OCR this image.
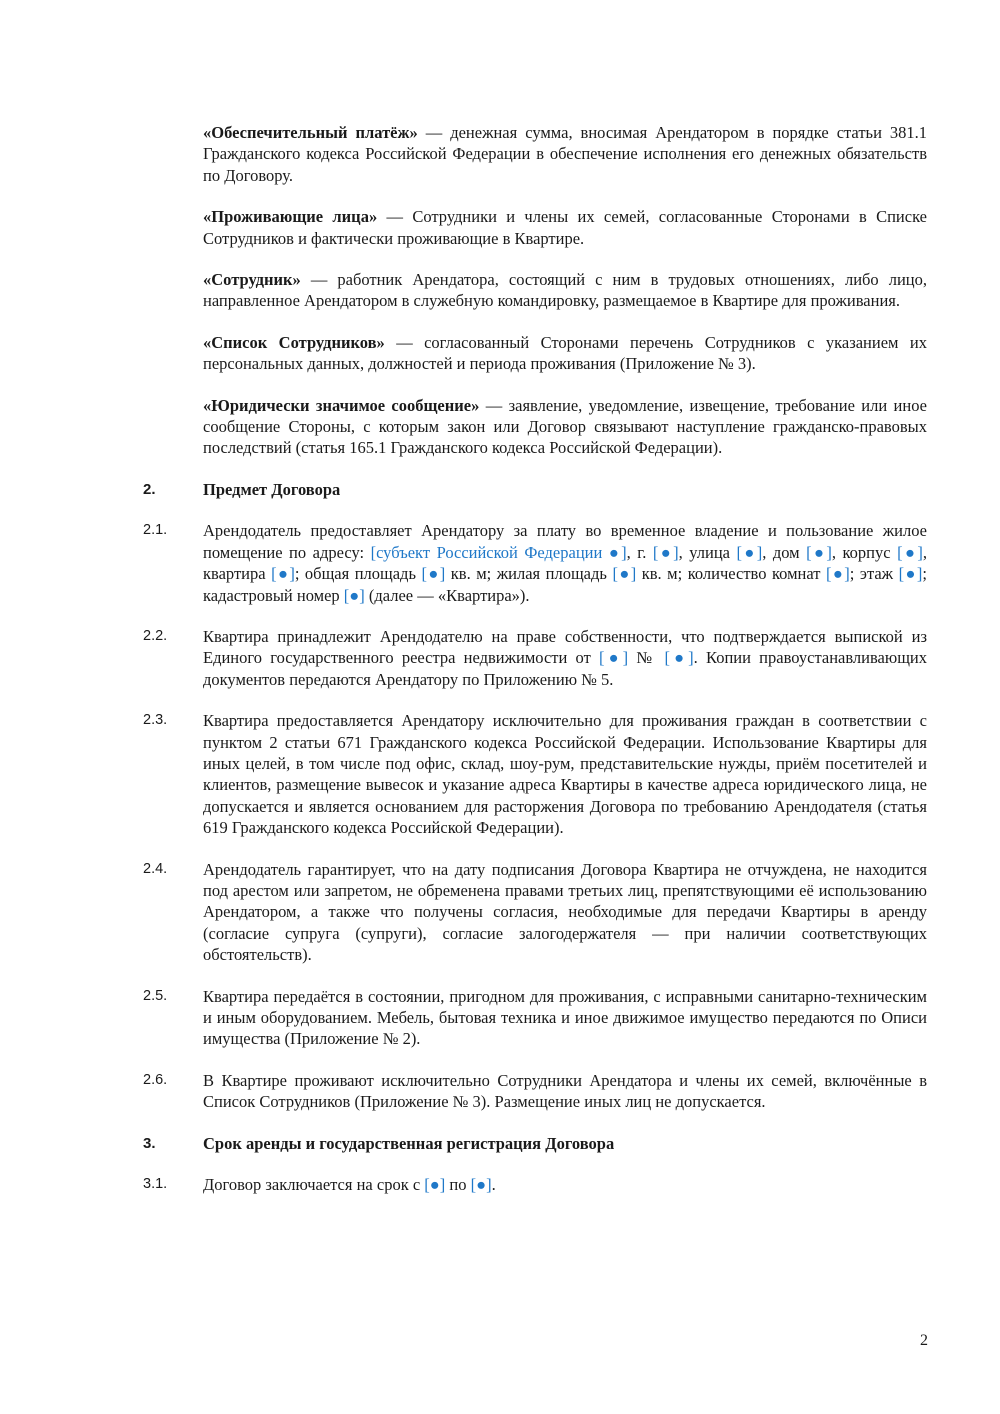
«Обеспечительный платёж» — денежная сумма, вносимая Арендатором в порядке статьи 381.1 Гражданского кодекса Российской Федерации в обеспечение исполнения его денежных обязательств по Договору.

«Проживающие лица» — Сотрудники и члены их семей, согласованные Сторонами в Списке Сотрудников и фактически проживающие в Квартире.

«Сотрудник» — работник Арендатора, состоящий с ним в трудовых отношениях, либо лицо, направленное Арендатором в служебную командировку, размещаемое в Квартире для проживания.

«Список Сотрудников» — согласованный Сторонами перечень Сотрудников с указанием их персональных данных, должностей и периода проживания (Приложение № 3).

«Юридически значимое сообщение» — заявление, уведомление, извещение, требование или иное сообщение Стороны, с которым закон или Договор связывают наступление гражданско-правовых последствий (статья 165.1 Гражданского кодекса Российской Федерации).

2.	Предмет Договора
2.1. Арендодатель предоставляет Арендатору за плату во временное владение и пользование жилое помещение по адресу: [субъект Российской Федерации ●], г. [●], улица [●], дом [●], корпус [●], квартира [●]; общая площадь [●] кв. м; жилая площадь [●] кв. м; количество комнат [●]; этаж [●]; кадастровый номер [●] (далее — «Квартира»).

2.2. Квартира принадлежит Арендодателю на праве собственности, что подтверждается выпиской из Единого государственного реестра недвижимости от [●] № [●]. Копии правоустанавливающих документов передаются Арендатору по Приложению № 5.

2.3. Квартира предоставляется Арендатору исключительно для проживания граждан в соответствии с пунктом 2 статьи 671 Гражданского кодекса Российской Федерации. Использование Квартиры для иных целей, в том числе под офис, склад, шоу-рум, представительские нужды, приём посетителей и клиентов, размещение вывесок и указание адреса Квартиры в качестве адреса юридического лица, не допускается и является основанием для расторжения Договора по требованию Арендодателя (статья 619 Гражданского кодекса Российской Федерации).

2.4. Арендодатель гарантирует, что на дату подписания Договора Квартира не отчуждена, не находится под арестом или запретом, не обременена правами третьих лиц, препятствующими её использованию Арендатором, а также что получены согласия, необходимые для передачи Квартиры в аренду (согласие супруга (супруги), согласие залогодержателя — при наличии соответствующих обстоятельств).

2.5. Квартира передаётся в состоянии, пригодном для проживания, с исправными санитарно-техническим и иным оборудованием. Мебель, бытовая техника и иное движимое имущество передаются по Описи имущества (Приложение № 2).

2.6. В Квартире проживают исключительно Сотрудники Арендатора и члены их семей, включённые в Список Сотрудников (Приложение № 3). Размещение иных лиц не допускается.

3.	Срок аренды и государственная регистрация Договора
3.1. Договор заключается на срок с [●] по [●].

2
